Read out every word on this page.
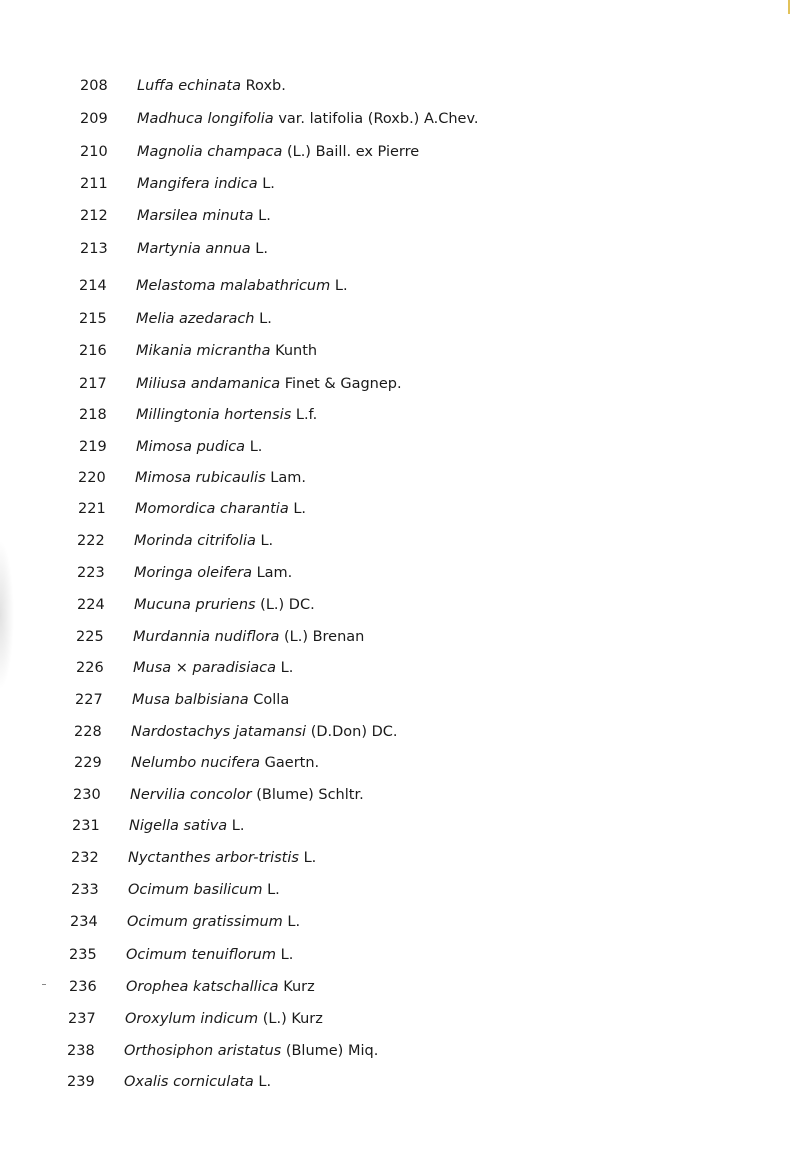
208	Luffa echinata Roxb.
209	Madhuca longifolia var. latifolia (Roxb.) A.Chev.
210	Magnolia champaca (L.) Baill. ex Pierre
211	Mangifera indica L.
212	Marsilea minuta L.
213	Martynia annua L.
214	Melastoma malabathricum L.
215	Melia azedarach L.
216	Mikania micrantha Kunth
217	Miliusa andamanica Finet & Gagnep.
218	Millingtonia hortensis L.f.
219	Mimosa pudica L.
220	Mimosa rubicaulis Lam.
221	Momordica charantia L.
222	Morinda citrifolia L.
223	Moringa oleifera Lam.
224	Mucuna pruriens (L.) DC.
225	Murdannia nudiflora (L.) Brenan
226	Musa × paradisiaca L.
227	Musa balbisiana Colla
228	Nardostachys jatamansi (D.Don) DC.
229	Nelumbo nucifera Gaertn.
230	Nervilia concolor (Blume) Schltr.
231	Nigella sativa L.
232	Nyctanthes arbor-tristis L.
233	Ocimum basilicum L.
234	Ocimum gratissimum L.
235	Ocimum tenuiflorum L.
236	Orophea katschallica Kurz
237	Oroxylum indicum (L.) Kurz
238	Orthosiphon aristatus (Blume) Miq.
239	Oxalis corniculata L.
